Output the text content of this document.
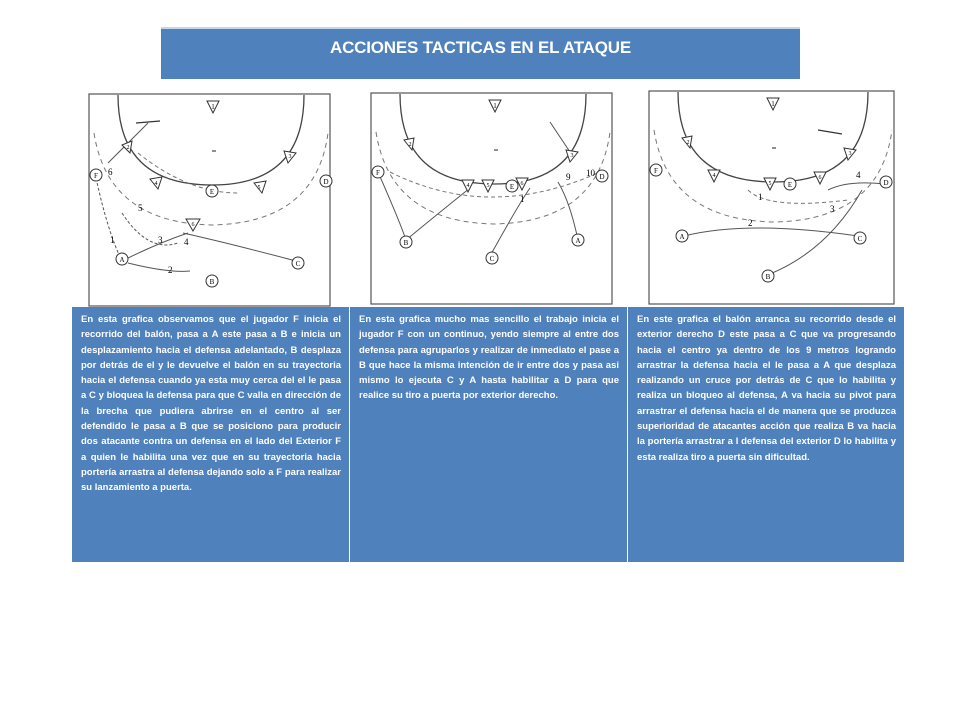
ACCIONES TACTICAS EN EL ATAQUE
1
2
3
4
5
6
F
A
B
C
D
E
1
2
3 4
5
6
1
2
3
4	5	6
F
A
B
C
D
E
1
9 10
1
2
3
4
5
6
F
A
B
C
D
E
1
2
3
4

En esta grafica observamos que el jugador F inicia el recorrido del balón, pasa a A este pasa a B e inicia un desplazamiento hacia el defensa adelantado, B desplaza por detrás de el y le devuelve el balón en su trayectoria hacia el defensa cuando ya esta muy cerca del el le pasa a C y bloquea la defensa para que C valla en dirección de la brecha que pudiera abrirse en el centro al ser defendido le pasa a B que se posiciono para producir dos atacante contra un defensa en el lado del Exterior F a quien le habilita una vez que en su trayectoria hacia portería arrastra al defensa dejando solo a F para realizar su lanzamiento a puerta.

En esta grafica mucho mas sencillo el trabajo inicia el jugador F con un continuo, yendo siempre al entre dos defensa para agruparlos y realizar de inmediato el pase a B que hace la misma intención de ir entre dos y pasa asi mismo lo ejecuta C y A hasta habilitar a D para que realice su tiro a puerta por exterior derecho.

En este grafica el balón arranca su recorrido desde el exterior derecho D este pasa a C que va progresando hacia el centro ya dentro de los 9 metros logrando arrastrar la defensa hacia el le pasa a A que desplaza realizando un cruce por detrás de C que lo habilita y realiza un bloqueo al defensa, A va hacia su pivot para arrastrar el defensa hacia el de manera que se produzca superioridad de atacantes acción que realiza B va hacia la portería arrastrar a l defensa del exterior D lo habilita y esta realiza tiro a puerta sin dificultad.
